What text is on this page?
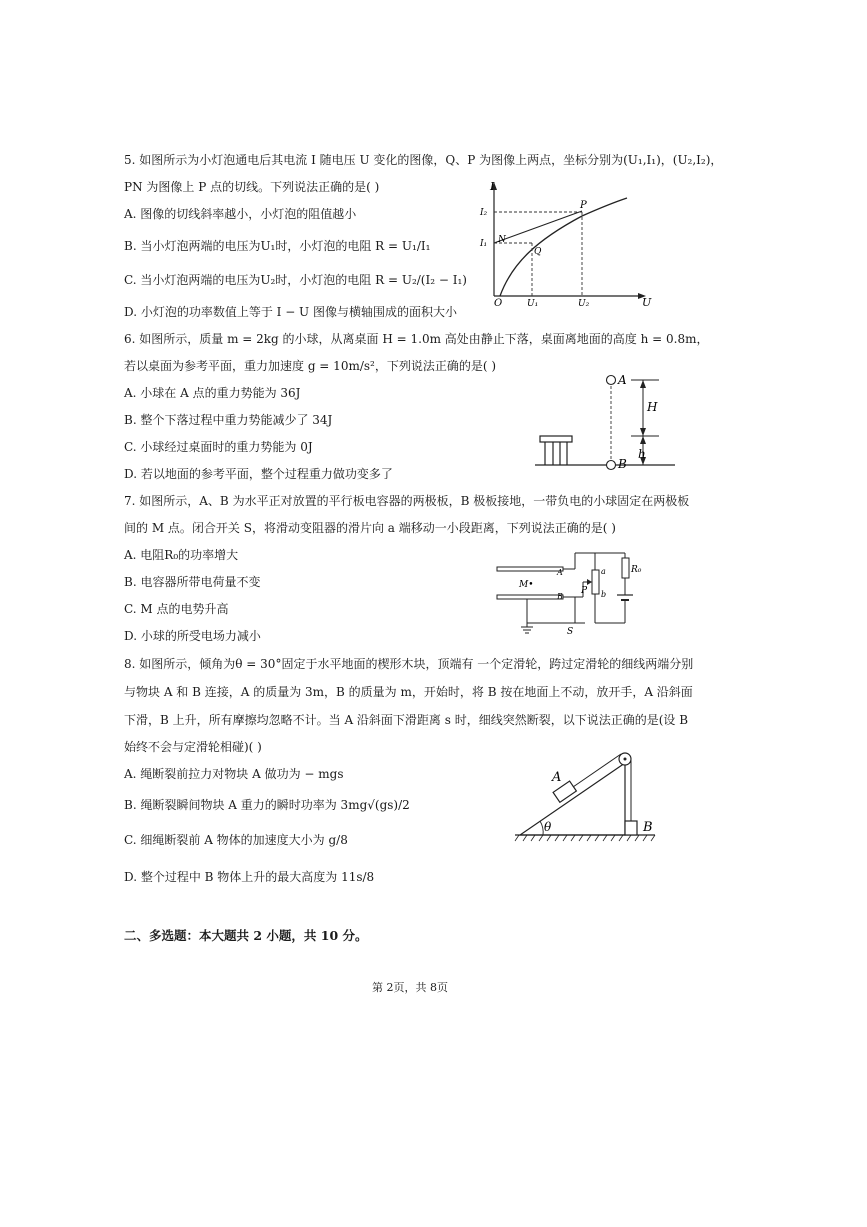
5. 如图所示为小灯泡通电后其电流 I 随电压 U 变化的图像，Q、P 为图像上两点，坐标分别为(U₁,I₁)，(U₂,I₂)，
PN 为图像上 P 点的切线。下列说法正确的是( )
A. 图像的切线斜率越小，小灯泡的阻值越小
B. 当小灯泡两端的电压为U₁时，小灯泡的电阻 R = U₁/I₁
C. 当小灯泡两端的电压为U₂时，小灯泡的电阻 R = U₂/(I₂ − I₁)
D. 小灯泡的功率数值上等于 I − U 图像与横轴围成的面积大小
I
I₂
P
N
I₁
Q
O	U₁	U₂	U
6. 如图所示，质量 m = 2kg 的小球，从离桌面 H = 1.0m 高处由静止下落，桌面离地面的高度 h = 0.8m，
若以桌面为参考平面，重力加速度 g = 10m/s²，下列说法正确的是( )
A. 小球在 A 点的重力势能为 36J
B. 整个下落过程中重力势能减少了 34J
C. 小球经过桌面时的重力势能为 0J
D. 若以地面的参考平面，整个过程重力做功变多了
A
H
h
B
7. 如图所示，A、B 为水平正对放置的平行板电容器的两极板，B 极板接地，一带负电的小球固定在两极板
间的 M 点。闭合开关 S，将滑动变阻器的滑片向 a 端移动一小段距离，下列说法正确的是( )
A. 电阻R₀的功率增大
B. 电容器所带电荷量不变
C. M 点的电势升高
D. 小球的所受电场力减小
A
M•
B
P
a
b
R₀
S
8. 如图所示，倾角为θ = 30°固定于水平地面的楔形木块，顶端有 一个定滑轮，跨过定滑轮的细线两端分别
与物块 A 和 B 连接，A 的质量为 3m，B 的质量为 m，开始时，将 B 按在地面上不动，放开手，A 沿斜面
下滑，B 上升，所有摩擦均忽略不计。当 A 沿斜面下滑距离 s 时，细线突然断裂，以下说法正确的是(设 B
始终不会与定滑轮相碰)( )
A. 绳断裂前拉力对物块 A 做功为 − mgs
B. 绳断裂瞬间物块 A 重力的瞬时功率为 3mg√(gs)/2
C. 细绳断裂前 A 物体的加速度大小为 g/8
D. 整个过程中 B 物体上升的最大高度为 11s/8
A
θ	B
二、多选题：本大题共 2 小题，共 10 分。
第 2页，共 8页
